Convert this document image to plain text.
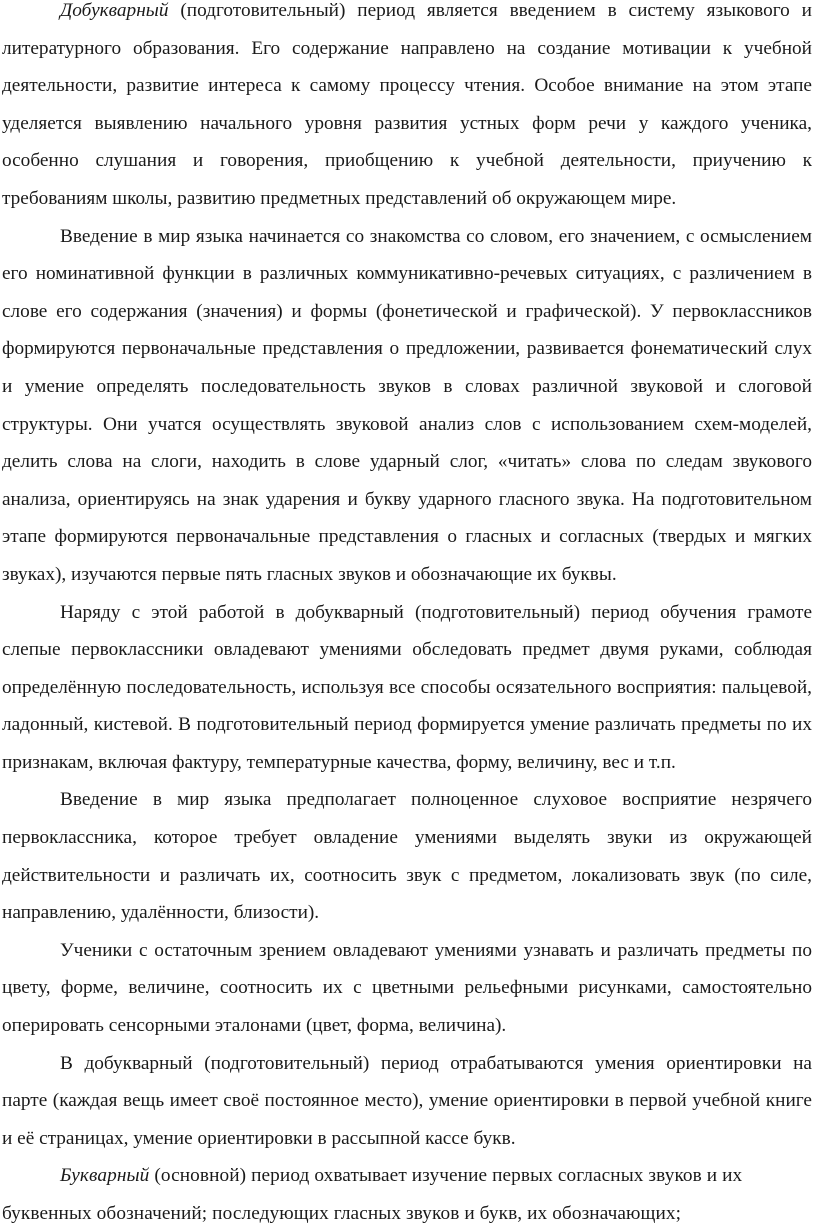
Добукварный (подготовительный) период является введением в систему языкового и литературного образования. Его содержание направлено на создание мотивации к учебной деятельности, развитие интереса к самому процессу чтения. Особое внимание на этом этапе уделяется выявлению начального уровня развития устных форм речи у каждого ученика, особенно слушания и говорения, приобщению к учебной деятельности, приучению к требованиям школы, развитию предметных представлений об окружающем мире.

Введение в мир языка начинается со знакомства со словом, его значением, с осмыслением его номинативной функции в различных коммуникативно-речевых ситуациях, с различением в слове его содержания (значения) и формы (фонетической и графической). У первоклассников формируются первоначальные представления о предложении, развивается фонематический слух и умение определять последовательность звуков в словах различной звуковой и слоговой структуры. Они учатся осуществлять звуковой анализ слов с использованием схем-моделей, делить слова на слоги, находить в слове ударный слог, «читать» слова по следам звукового анализа, ориентируясь на знак ударения и букву ударного гласного звука. На подготовительном этапе формируются первоначальные представления о гласных и согласных (твердых и мягких звуках), изучаются первые пять гласных звуков и обозначающие их буквы.

Наряду с этой работой в добукварный (подготовительный) период обучения грамоте слепые первоклассники овладевают умениями обследовать предмет двумя руками, соблюдая определённую последовательность, используя все способы осязательного восприятия: пальцевой, ладонный, кистевой. В подготовительный период формируется умение различать предметы по их признакам, включая фактуру, температурные качества, форму, величину, вес и т.п.

Введение в мир языка предполагает полноценное слуховое восприятие незрячего первоклассника, которое требует овладение умениями выделять звуки из окружающей действительности и различать их, соотносить звук с предметом, локализовать звук (по силе, направлению, удалённости, близости).

Ученики с остаточным зрением овладевают умениями узнавать и различать предметы по цвету, форме, величине, соотносить их с цветными рельефными рисунками, самостоятельно оперировать сенсорными эталонами (цвет, форма, величина).

В добукварный (подготовительный) период отрабатываются умения ориентировки на парте (каждая вещь имеет своё постоянное место), умение ориентировки в первой учебной книге и её страницах, умение ориентировки в рассыпной кассе букв.

Букварный (основной) период охватывает изучение первых согласных звуков и их буквенных обозначений; последующих гласных звуков и букв, их обозначающих;
